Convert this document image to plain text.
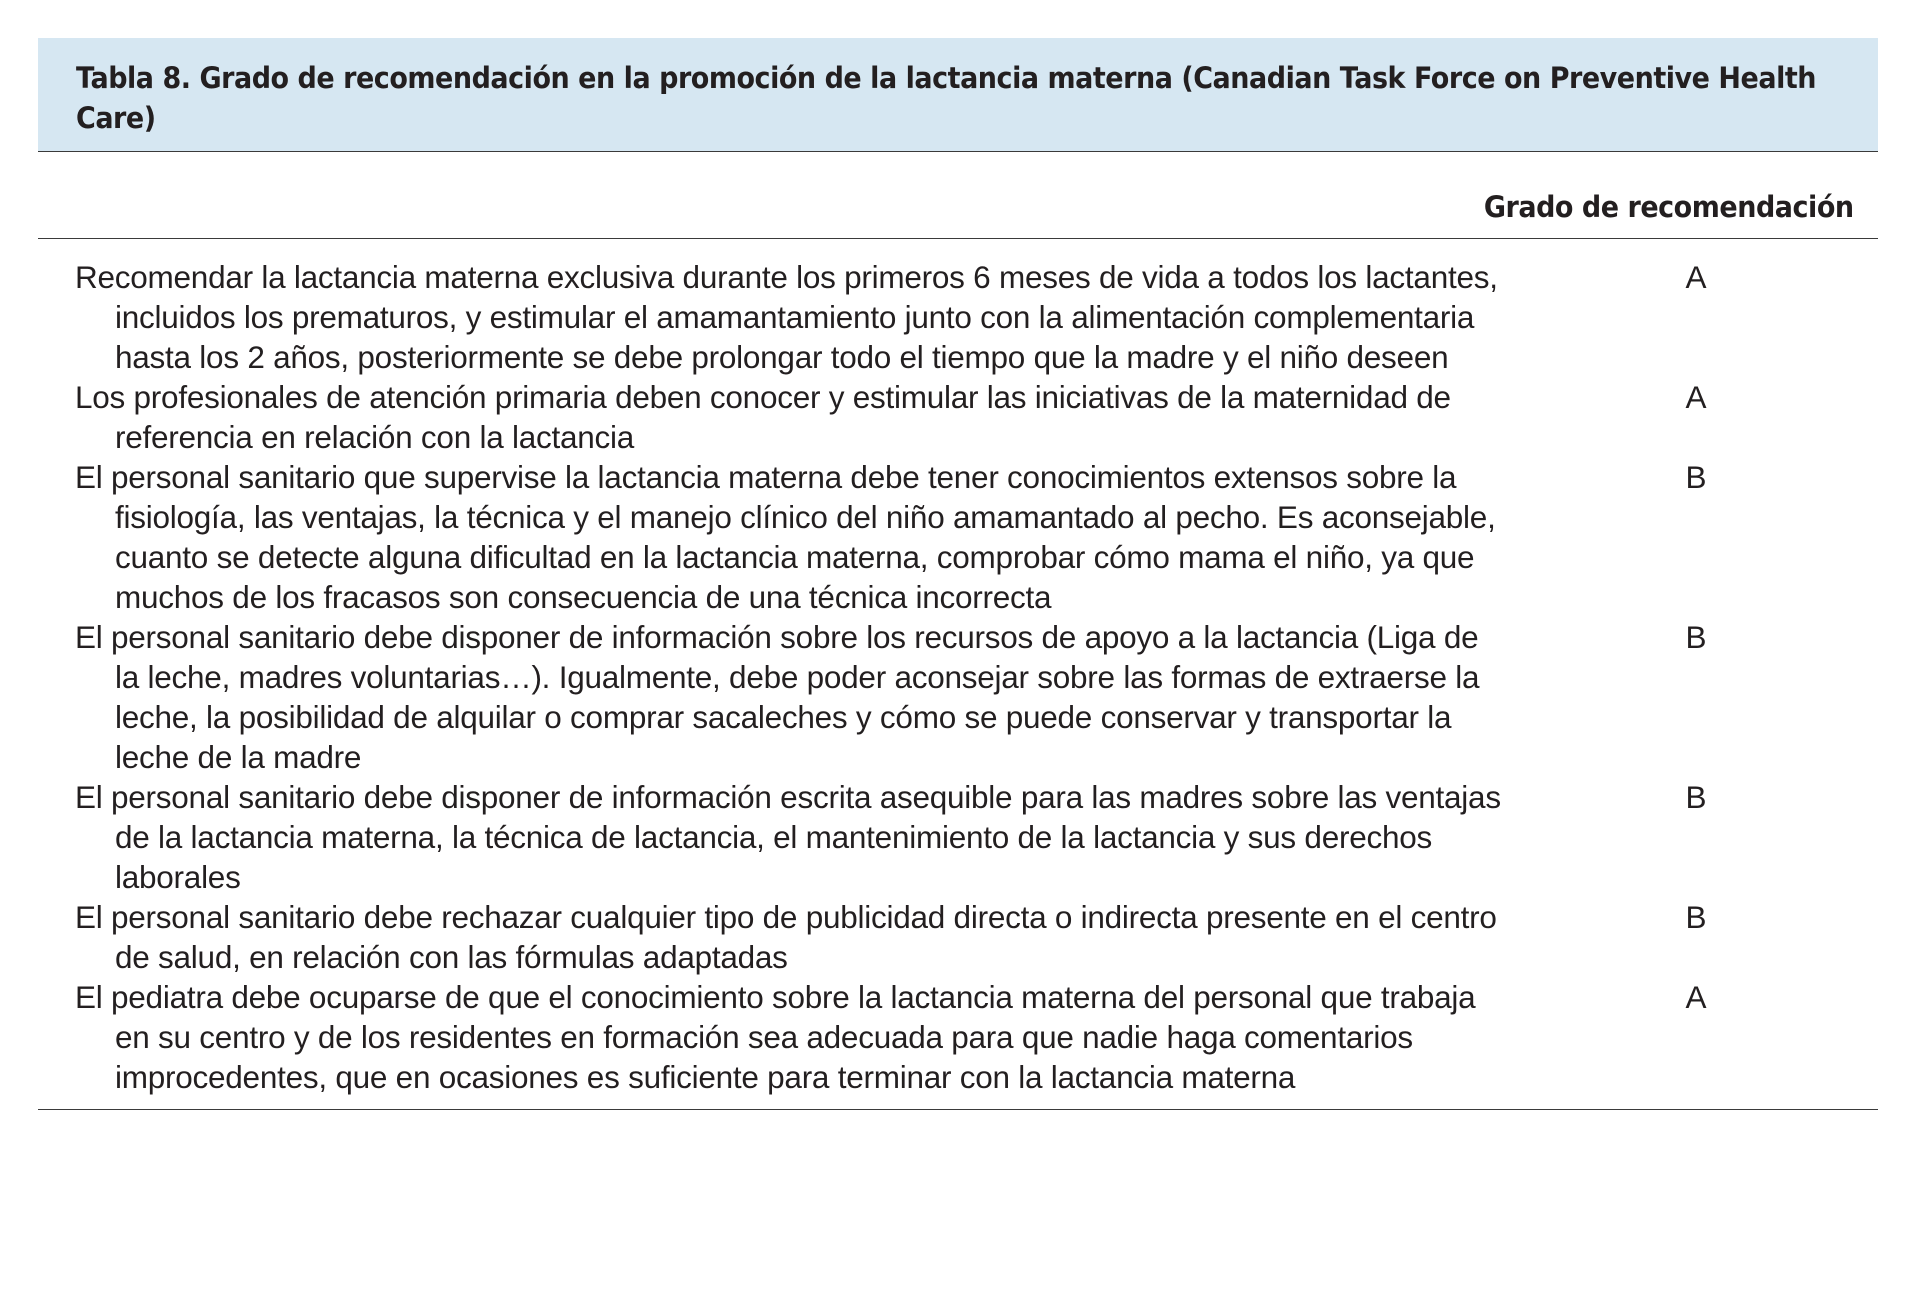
Tabla 8. Grado de recomendación en la promoción de la lactancia materna (Canadian Task Force on Preventive Health Care)
Grado de recomendación
Recomendar la lactancia materna exclusiva durante los primeros 6 meses de vida a todos los lactantes, incluidos los prematuros, y estimular el amamantamiento junto con la alimentación complementaria hasta los 2 años, posteriormente se debe prolongar todo el tiempo que la madre y el niño deseen
A
Los profesionales de atención primaria deben conocer y estimular las iniciativas de la maternidad de referencia en relación con la lactancia
A
El personal sanitario que supervise la lactancia materna debe tener conocimientos extensos sobre la fisiología, las ventajas, la técnica y el manejo clínico del niño amamantado al pecho. Es aconsejable, cuanto se detecte alguna dificultad en la lactancia materna, comprobar cómo mama el niño, ya que muchos de los fracasos son consecuencia de una técnica incorrecta
B
El personal sanitario debe disponer de información sobre los recursos de apoyo a la lactancia (Liga de la leche, madres voluntarias…). Igualmente, debe poder aconsejar sobre las formas de extraerse la leche, la posibilidad de alquilar o comprar sacaleches y cómo se puede conservar y transportar la leche de la madre
B
El personal sanitario debe disponer de información escrita asequible para las madres sobre las ventajas de la lactancia materna, la técnica de lactancia, el mantenimiento de la lactancia y sus derechos laborales
B
El personal sanitario debe rechazar cualquier tipo de publicidad directa o indirecta presente en el centro de salud, en relación con las fórmulas adaptadas
B
El pediatra debe ocuparse de que el conocimiento sobre la lactancia materna del personal que trabaja en su centro y de los residentes en formación sea adecuada para que nadie haga comentarios improcedentes, que en ocasiones es suficiente para terminar con la lactancia materna
A
